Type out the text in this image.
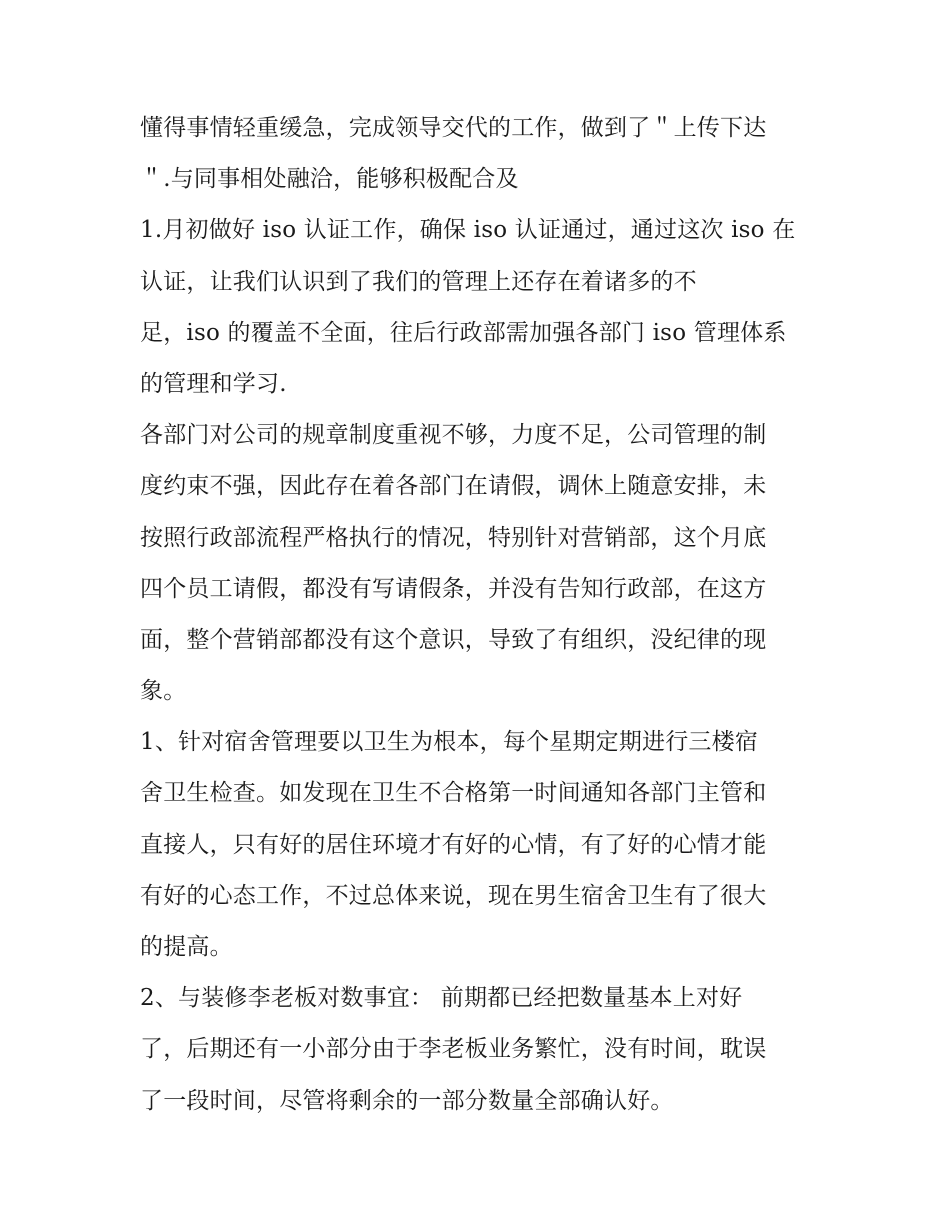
懂得事情轻重缓急，完成领导交代的工作，做到了＂上传下达
＂.与同事相处融洽，能够积极配合及
1.月初做好 iso 认证工作，确保 iso 认证通过，通过这次 iso 在
认证，让我们认识到了我们的管理上还存在着诸多的不
足，iso 的覆盖不全面，往后行政部需加强各部门 iso 管理体系
的管理和学习.
各部门对公司的规章制度重视不够，力度不足，公司管理的制
度约束不强，因此存在着各部门在请假，调休上随意安排，未
按照行政部流程严格执行的情况，特别针对营销部，这个月底
四个员工请假，都没有写请假条，并没有告知行政部，在这方
面，整个营销部都没有这个意识，导致了有组织，没纪律的现
象。
1、针对宿舍管理要以卫生为根本，每个星期定期进行三楼宿
舍卫生检查。如发现在卫生不合格第一时间通知各部门主管和
直接人，只有好的居住环境才有好的心情，有了好的心情才能
有好的心态工作，不过总体来说，现在男生宿舍卫生有了很大
的提高。
2、与装修李老板对数事宜： 前期都已经把数量基本上对好
了，后期还有一小部分由于李老板业务繁忙，没有时间，耽误
了一段时间，尽管将剩余的一部分数量全部确认好。
